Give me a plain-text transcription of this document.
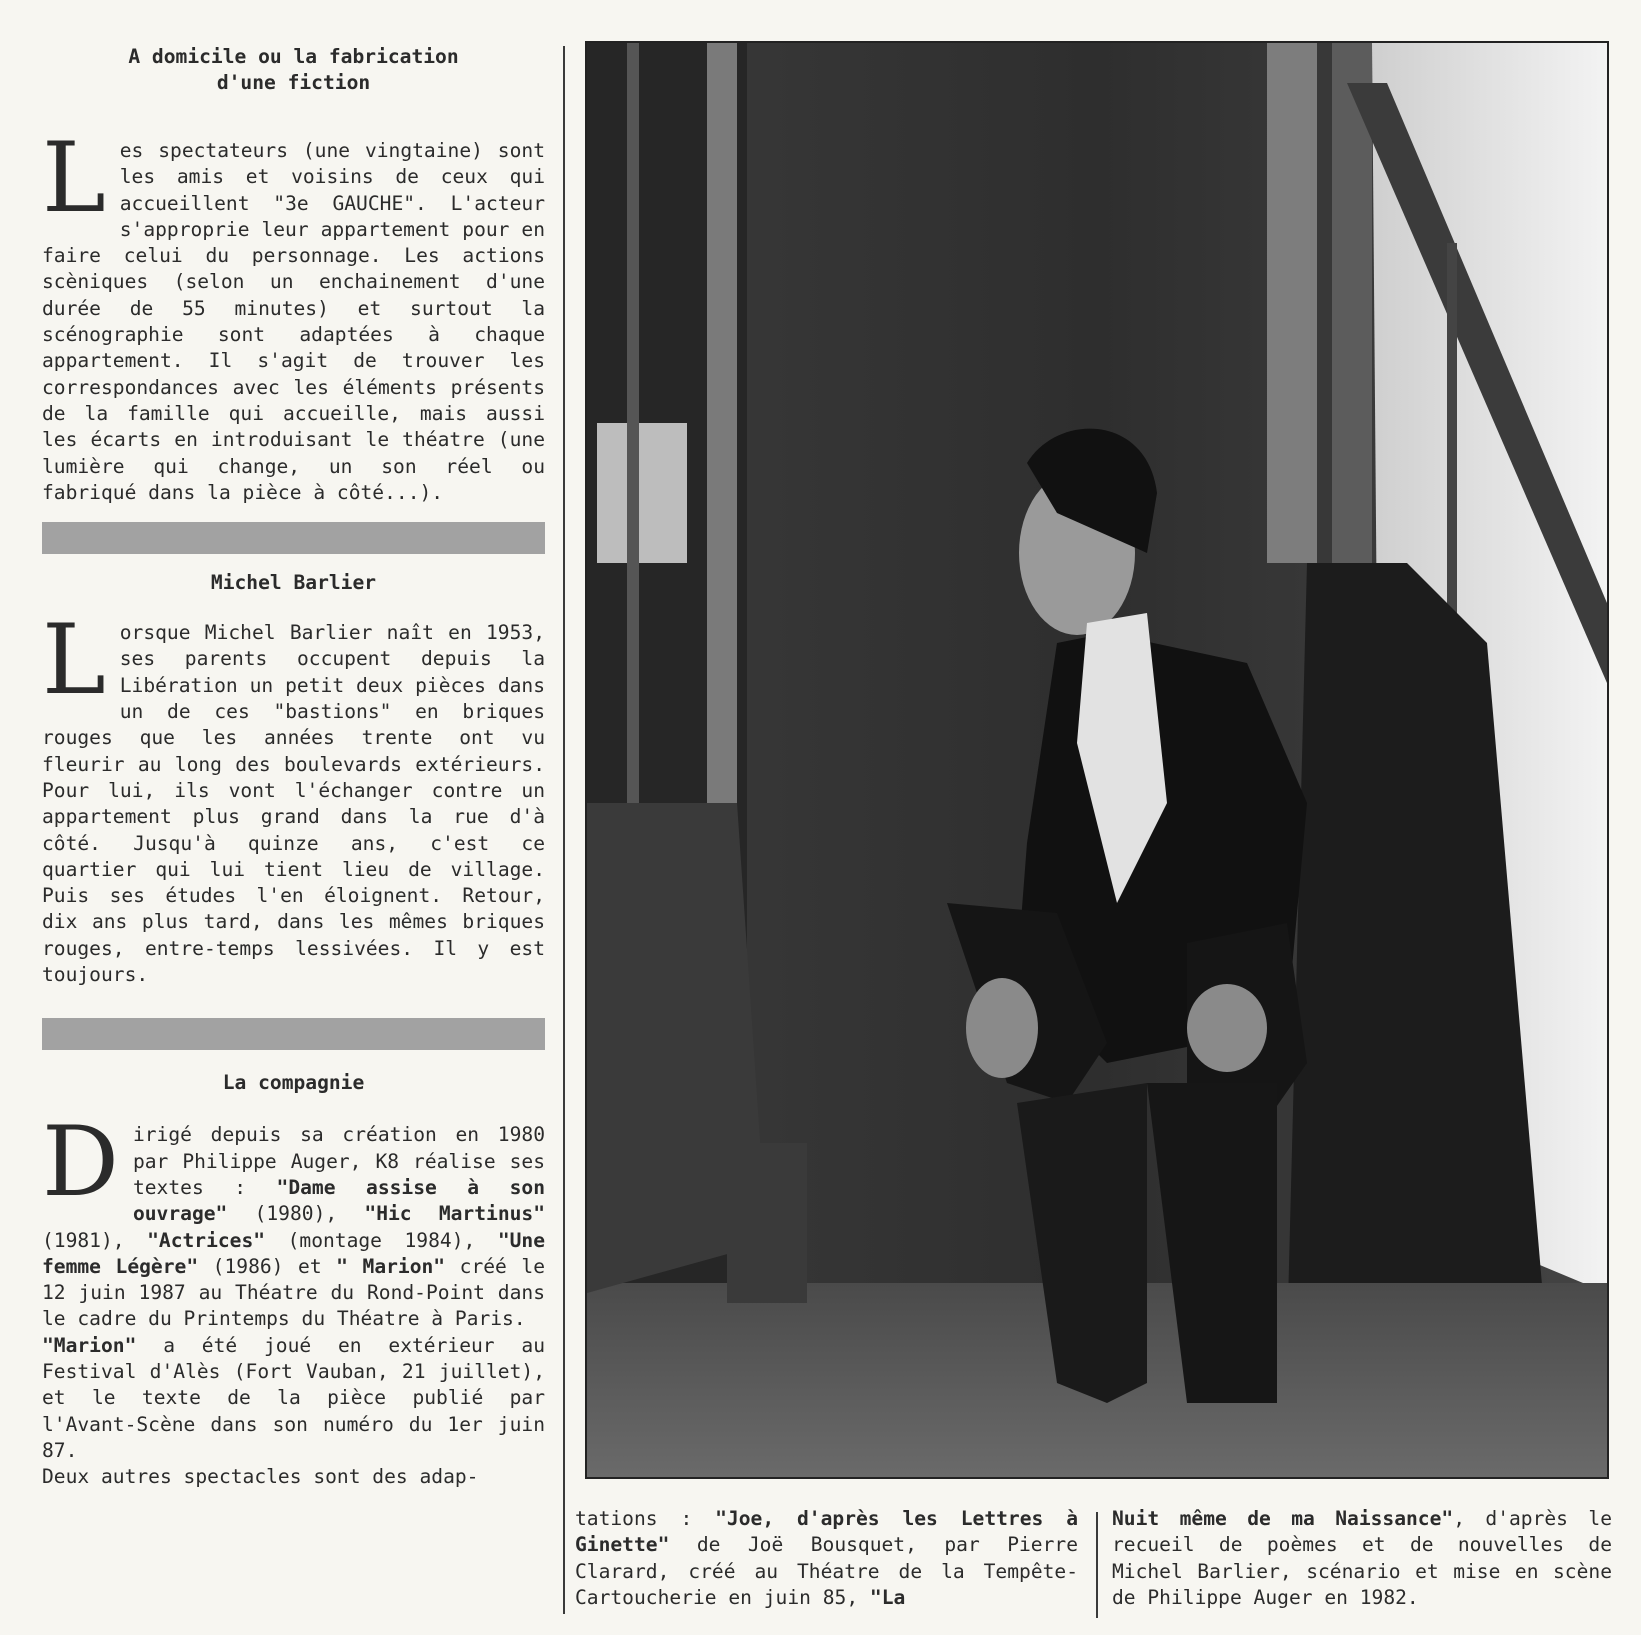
A domicile ou la fabrication
d'une fiction

Les spectateurs (une vingtaine) sont les amis et voisins de ceux qui accueillent "3e GAUCHE". L'acteur s'approprie leur appartement pour en faire celui du personnage. Les actions scèniques (selon un enchainement d'une durée de 55 minutes) et surtout la scénographie sont adaptées à chaque appartement. Il s'agit de trouver les correspondances avec les éléments présents de la famille qui accueille, mais aussi les écarts en introduisant le théatre (une lumière qui change, un son réel ou fabriqué dans la pièce à côté...).

Michel Barlier

Lorsque Michel Barlier naît en 1953, ses parents occupent depuis la Libération un petit deux pièces dans un de ces "bastions" en briques rouges que les années trente ont vu fleurir au long des boulevards extérieurs. Pour lui, ils vont l'échanger contre un appartement plus grand dans la rue d'à côté. Jusqu'à quinze ans, c'est ce quartier qui lui tient lieu de village. Puis ses études l'en éloignent. Retour, dix ans plus tard, dans les mêmes briques rouges, entre-temps lessivées. Il y est toujours.

La compagnie

Dirigé depuis sa création en 1980 par Philippe Auger, K8 réalise ses textes : "Dame assise à son ouvrage" (1980), "Hic Martinus" (1981), "Actrices" (montage 1984), "Une femme Légère" (1986) et " Marion" créé le 12 juin 1987 au Théatre du Rond-Point dans le cadre du Printemps du Théatre à Paris.

"Marion" a été joué en extérieur au Festival d'Alès (Fort Vauban, 21 juillet), et le texte de la pièce publié par l'Avant-Scène dans son numéro du 1er juin 87.

Deux autres spectacles sont des adap-

tations : "Joe, d'après les Lettres à Ginette" de Joë Bousquet, par Pierre Clarard, créé au Théatre de la Tempête-Cartoucherie en juin 85, "La
Nuit même de ma Naissance", d'après le recueil de poèmes et de nouvelles de Michel Barlier, scénario et mise en scène de Philippe Auger en 1982.
